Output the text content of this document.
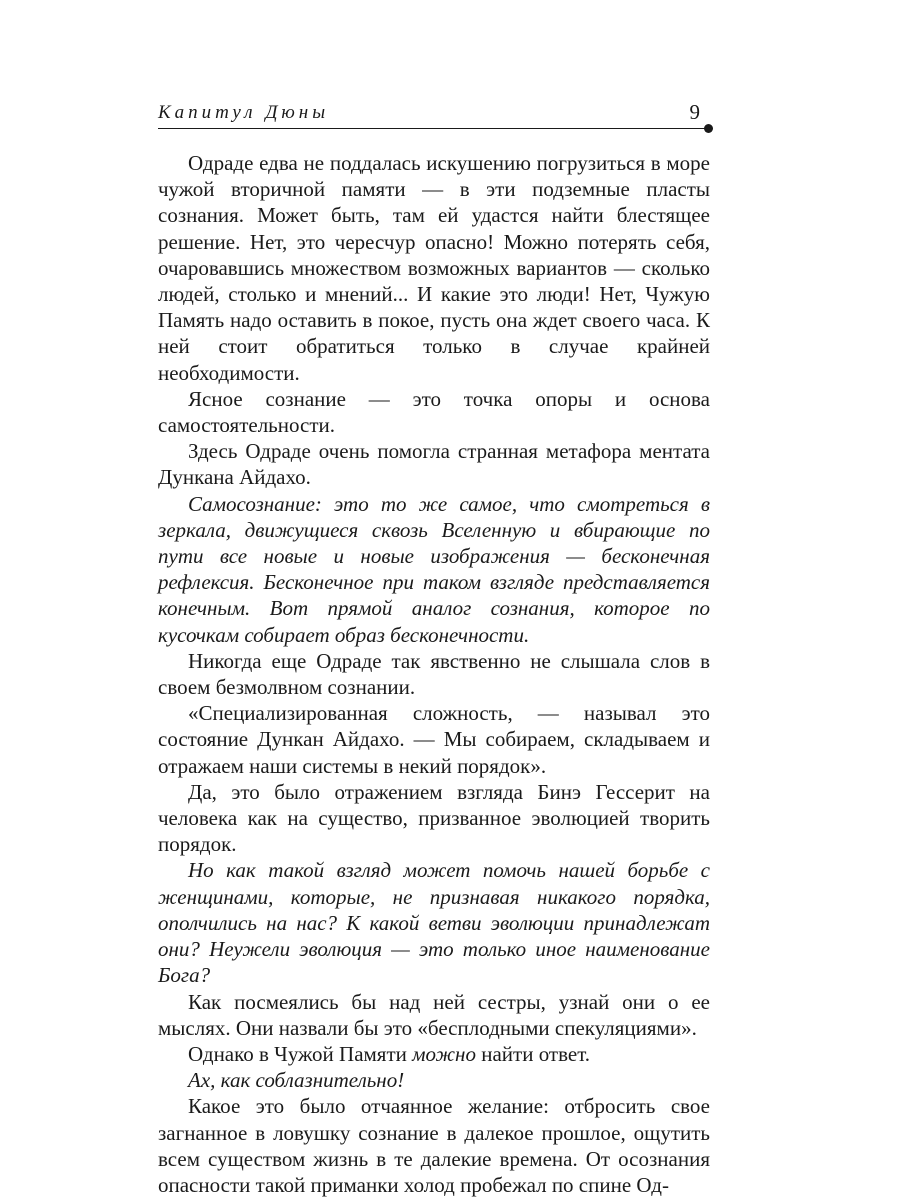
Капитул Дюны	9

Одраде едва не поддалась искушению погрузиться в море чужой вторичной памяти — в эти подземные пласты сознания. Может быть, там ей удастся найти блестящее решение. Нет, это чересчур опасно! Можно потерять себя, очаровавшись множеством возможных вариантов — сколько людей, столько и мнений... И какие это люди! Нет, Чужую Память надо оставить в покое, пусть она ждет своего часа. К ней стоит обратиться только в случае крайней необходимости.

Ясное сознание — это точка опоры и основа самостоятельности.

Здесь Одраде очень помогла странная метафора ментата Дункана Айдахо.

Самосознание: это то же самое, что смотреться в зеркала, движущиеся сквозь Вселенную и вбирающие по пути все новые и новые изображения — бесконечная рефлексия. Бесконечное при таком взгляде представляется конечным. Вот прямой аналог сознания, которое по кусочкам собирает образ бесконечности.

Никогда еще Одраде так явственно не слышала слов в своем безмолвном сознании.

«Специализированная сложность, — называл это состояние Дункан Айдахо. — Мы собираем, складываем и отражаем наши системы в некий порядок».

Да, это было отражением взгляда Бинэ Гессерит на человека как на существо, призванное эволюцией творить порядок.

Но как такой взгляд может помочь нашей борьбе с женщинами, которые, не признавая никакого порядка, ополчились на нас? К какой ветви эволюции принадлежат они? Неужели эволюция — это только иное наименование Бога?

Как посмеялись бы над ней сестры, узнай они о ее мыслях. Они назвали бы это «бесплодными спекуляциями».

Однако в Чужой Памяти можно найти ответ.

Ах, как соблазнительно!

Какое это было отчаянное желание: отбросить свое загнанное в ловушку сознание в далекое прошлое, ощутить всем существом жизнь в те далекие времена. От осознания опасности такой приманки холод пробежал по спине Од-
